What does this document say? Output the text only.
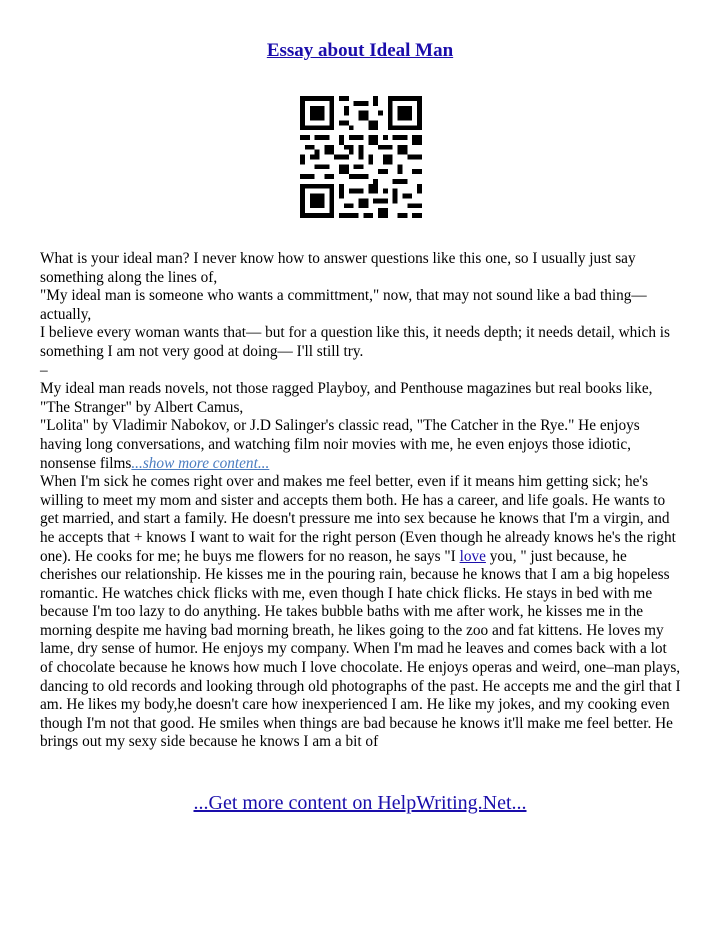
Essay about Ideal Man

What is your ideal man? I never know how to answer questions like this one, so I usually just say something along the lines of,

"My ideal man is someone who wants a committment," now, that may not sound like a bad thing— actually,

I believe every woman wants that— but for a question like this, it needs depth; it needs detail, which is something I am not very good at doing— I'll still try.

–

My ideal man reads novels, not those ragged Playboy, and Penthouse magazines but real books like, "The Stranger" by Albert Camus,

"Lolita" by Vladimir Nabokov, or J.D Salinger's classic read, "The Catcher in the Rye." He enjoys having long conversations, and watching film noir movies with me, he even enjoys those idiotic, nonsense films...show more content...

When I'm sick he comes right over and makes me feel better, even if it means him getting sick; he's willing to meet my mom and sister and accepts them both. He has a career, and life goals. He wants to get married, and start a family. He doesn't pressure me into sex because he knows that I'm a virgin, and he accepts that + knows I want to wait for the right person (Even though he already knows he's the right one). He cooks for me; he buys me flowers for no reason, he says "I love you, " just because, he cherishes our relationship. He kisses me in the pouring rain, because he knows that I am a big hopeless romantic. He watches chick flicks with me, even though I hate chick flicks. He stays in bed with me because I'm too lazy to do anything. He takes bubble baths with me after work, he kisses me in the morning despite me having bad morning breath, he likes going to the zoo and fat kittens. He loves my lame, dry sense of humor. He enjoys my company. When I'm mad he leaves and comes back with a lot of chocolate because he knows how much I love chocolate. He enjoys operas and weird, one–man plays, dancing to old records and looking through old photographs of the past. He accepts me and the girl that I am. He likes my body,he doesn't care how inexperienced I am. He like my jokes, and my cooking even though I'm not that good. He smiles when things are bad because he knows it'll make me feel better. He brings out my sexy side because he knows I am a bit of

...Get more content on HelpWriting.Net...
